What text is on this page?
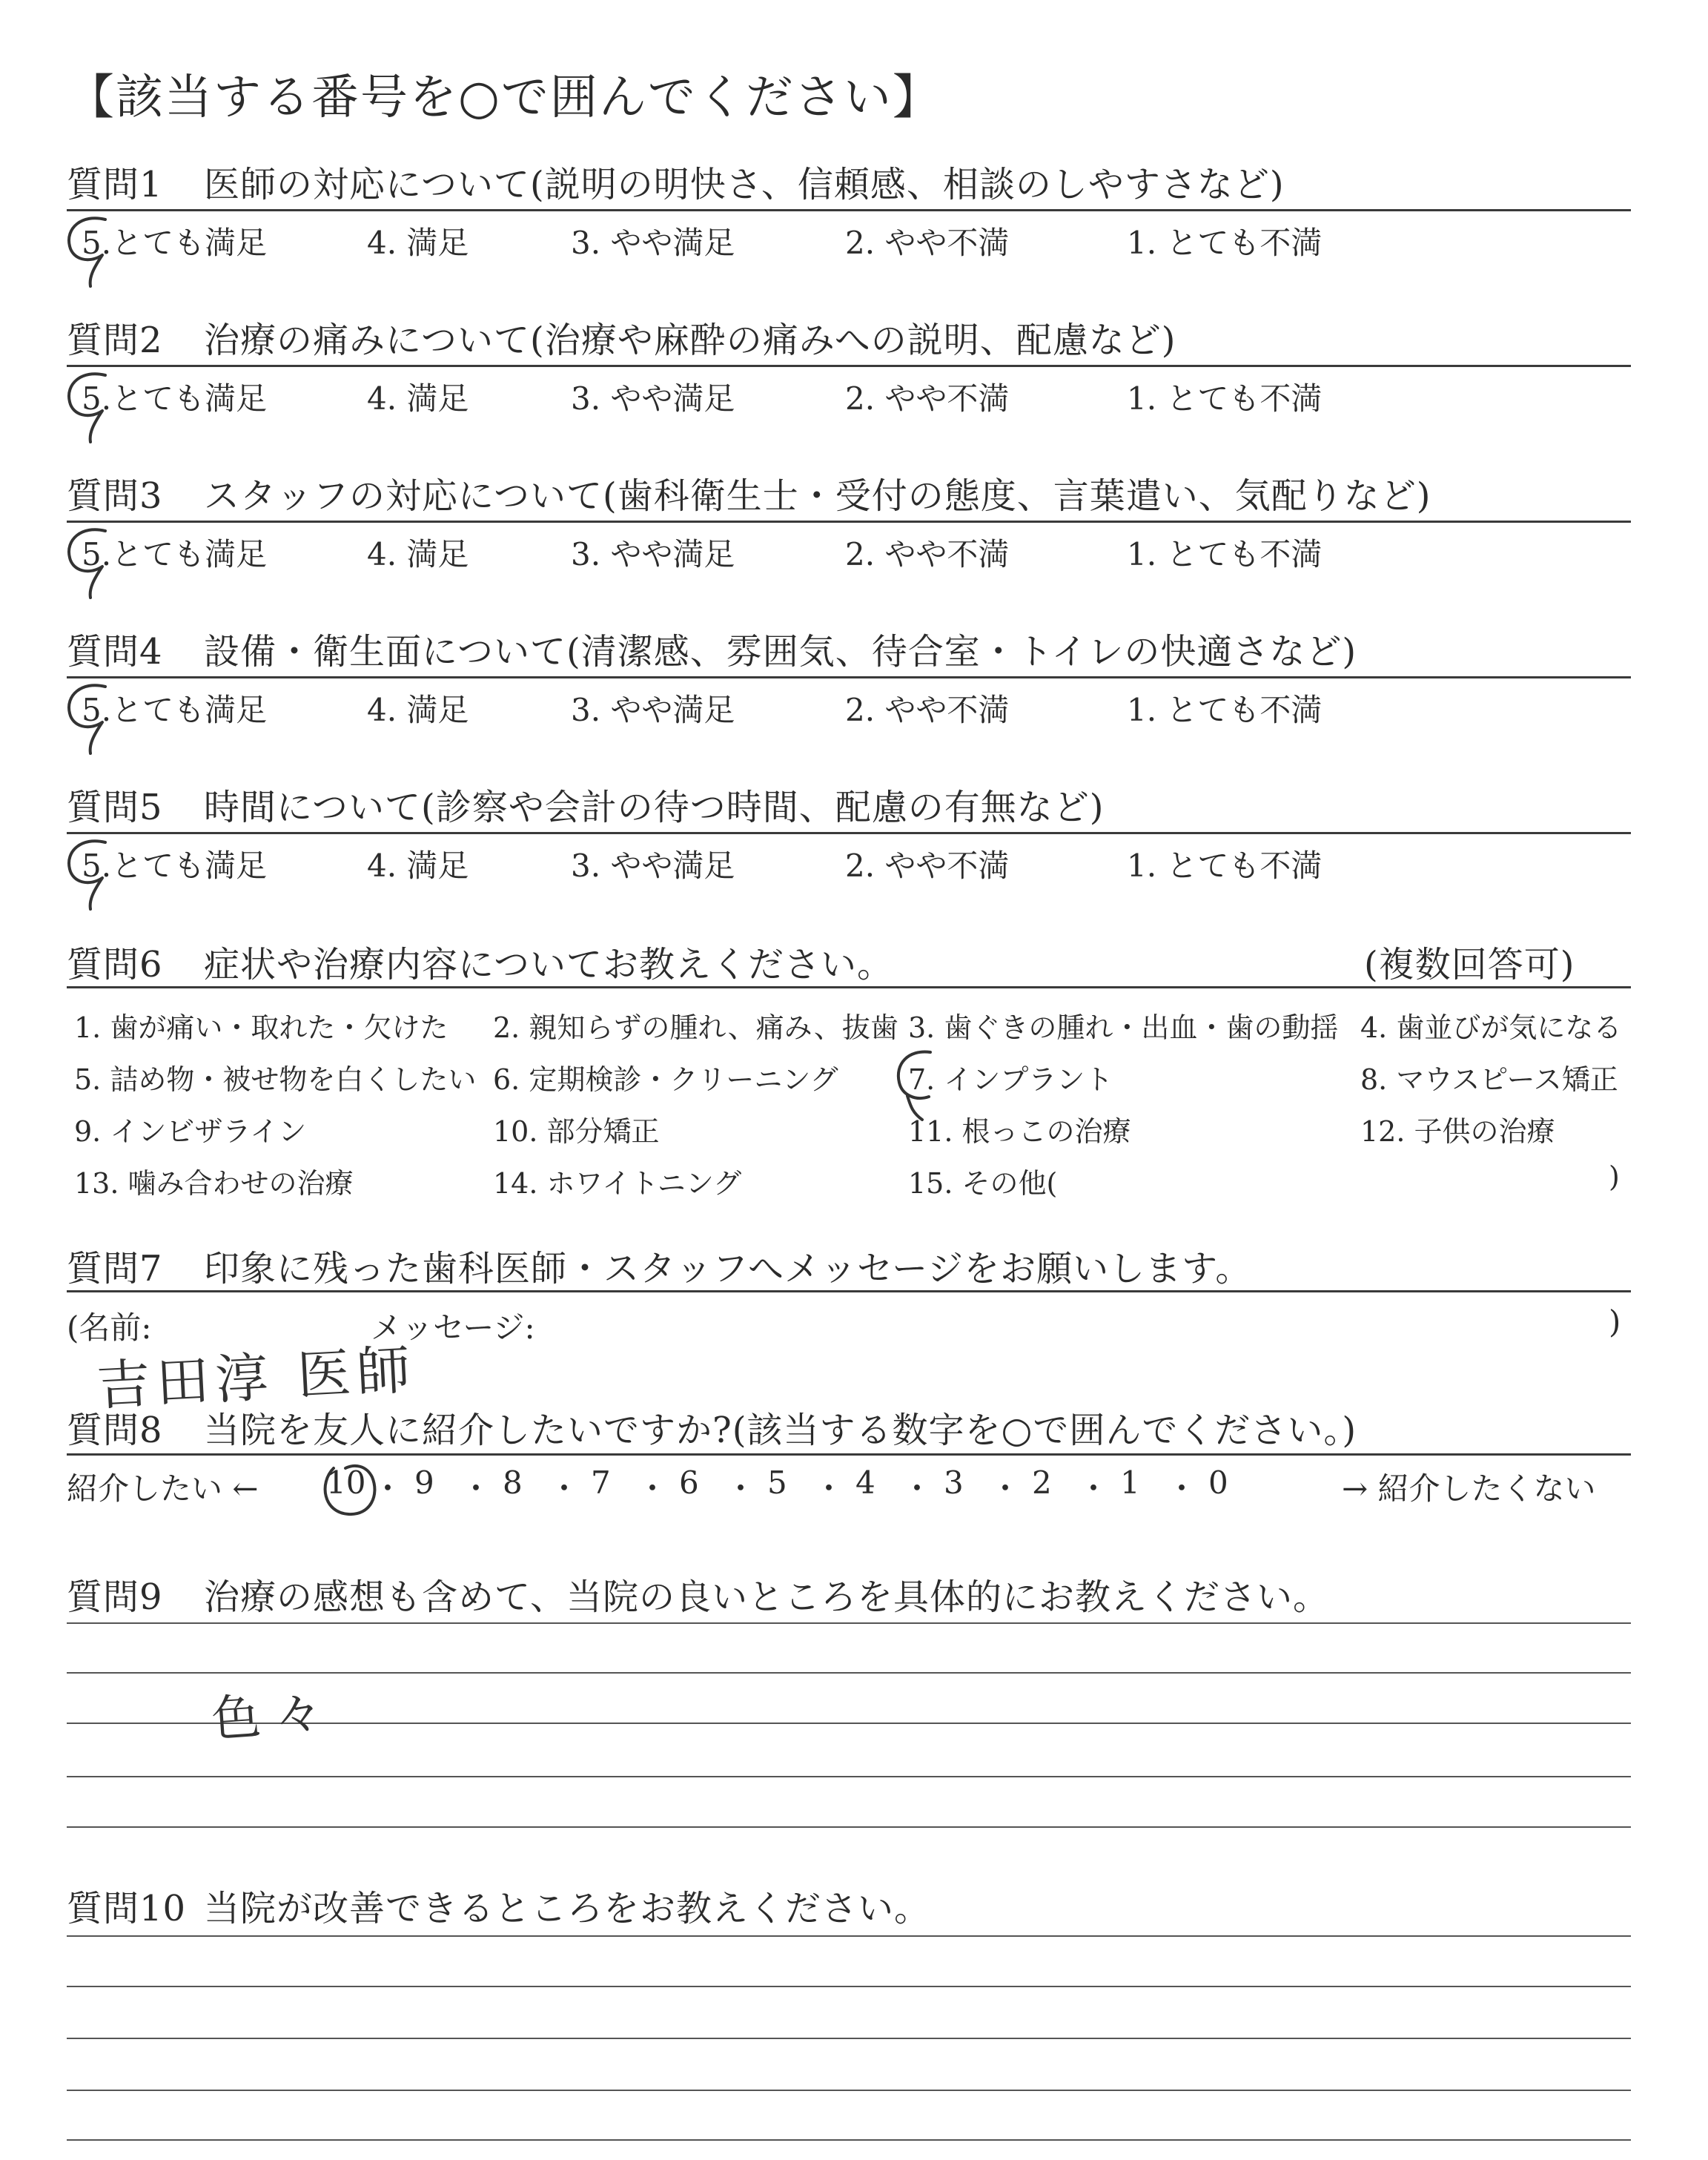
【該当する番号を○で囲んでください】
質問1 医師の対応について(説明の明快さ、信頼感、相談のしやすさなど)
5.とても満足	4. 満足	3. やや満足	2. やや不満	1. とても不満
質問2 治療の痛みについて(治療や麻酔の痛みへの説明、配慮など)
5.とても満足	4. 満足	3. やや満足	2. やや不満	1. とても不満
質問3 スタッフの対応について(歯科衛生士・受付の態度、言葉遣い、気配りなど)
5.とても満足	4. 満足	3. やや満足	2. やや不満	1. とても不満
質問4 設備・衛生面について(清潔感、雰囲気、待合室・トイレの快適さなど)
5.とても満足	4. 満足	3. やや満足	2. やや不満	1. とても不満
質問5 時間について(診察や会計の待つ時間、配慮の有無など)
5.とても満足	4. 満足	3. やや満足	2. やや不満	1. とても不満
質問6 症状や治療内容についてお教えください。	(複数回答可)
1. 歯が痛い・取れた・欠けた 2. 親知らずの腫れ、痛み、抜歯 3. 歯ぐきの腫れ・出血・歯の動揺 4. 歯並びが気になる
5. 詰め物・被せ物を白くしたい 6. 定期検診・クリーニング 7. インプラント	8. マウスピース矯正
9. インビザライン	10. 部分矯正	11. 根っこの治療	12. 子供の治療
13. 噛み合わせの治療	14. ホワイトニング	15. その他(	)
質問7 印象に残った歯科医師・スタッフへメッセージをお願いします。
(名前:	メッセージ:	)
吉田淳 医師
質問8 当院を友人に紹介したいですか?(該当する数字を○で囲んでください。)
紹介したい ←	→ 紹介したくない
10 ・ 9 ・ 8 ・ 7 ・ 6 ・ 5 ・ 4 ・ 3 ・ 2 ・ 1 ・ 0
質問9 治療の感想も含めて、当院の良いところを具体的にお教えください。
色々
質問10 当院が改善できるところをお教えください。
